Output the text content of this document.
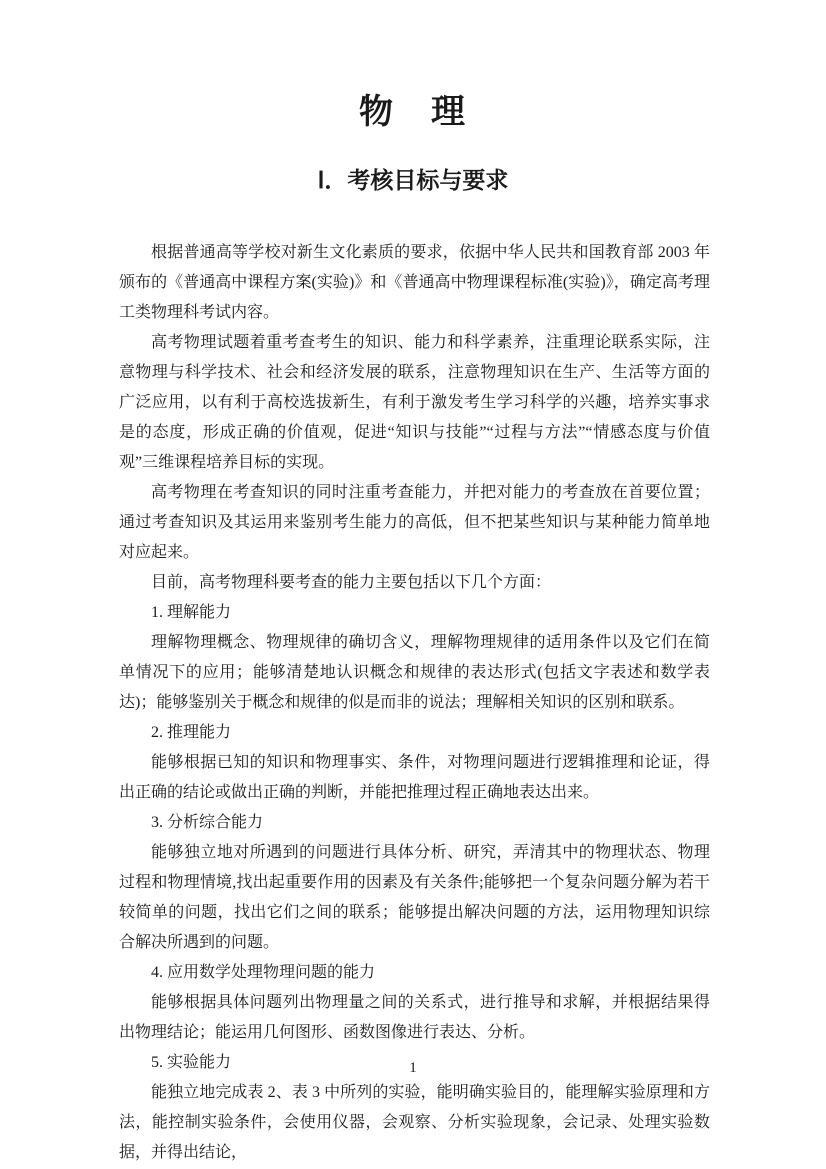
物　理
Ⅰ．考核目标与要求

根据普通高等学校对新生文化素质的要求，依据中华人民共和国教育部 2003 年颁布的《普通高中课程方案(实验)》和《普通高中物理课程标准(实验)》，确定高考理工类物理科考试内容。

高考物理试题着重考查考生的知识、能力和科学素养，注重理论联系实际，注意物理与科学技术、社会和经济发展的联系，注意物理知识在生产、生活等方面的广泛应用，以有利于高校选拔新生，有利于激发考生学习科学的兴趣，培养实事求是的态度，形成正确的价值观，促进“知识与技能”“过程与方法”“情感态度与价值观”三维课程培养目标的实现。

高考物理在考查知识的同时注重考查能力，并把对能力的考查放在首要位置；通过考查知识及其运用来鉴别考生能力的高低，但不把某些知识与某种能力简单地对应起来。

目前，高考物理科要考查的能力主要包括以下几个方面：

1. 理解能力

理解物理概念、物理规律的确切含义，理解物理规律的适用条件以及它们在简单情况下的应用；能够清楚地认识概念和规律的表达形式(包括文字表述和数学表达)；能够鉴别关于概念和规律的似是而非的说法；理解相关知识的区别和联系。

2. 推理能力

能够根据已知的知识和物理事实、条件，对物理问题进行逻辑推理和论证，得出正确的结论或做出正确的判断，并能把推理过程正确地表达出来。

3. 分析综合能力

能够独立地对所遇到的问题进行具体分析、研究，弄清其中的物理状态、物理过程和物理情境,找出起重要作用的因素及有关条件;能够把一个复杂问题分解为若干较简单的问题，找出它们之间的联系；能够提出解决问题的方法，运用物理知识综合解决所遇到的问题。

4. 应用数学处理物理问题的能力

能够根据具体问题列出物理量之间的关系式，进行推导和求解，并根据结果得出物理结论；能运用几何图形、函数图像进行表达、分析。

5. 实验能力

能独立地完成表 2、表 3 中所列的实验，能明确实验目的，能理解实验原理和方法，能控制实验条件，会使用仪器，会观察、分析实验现象，会记录、处理实验数据，并得出结论，

1
